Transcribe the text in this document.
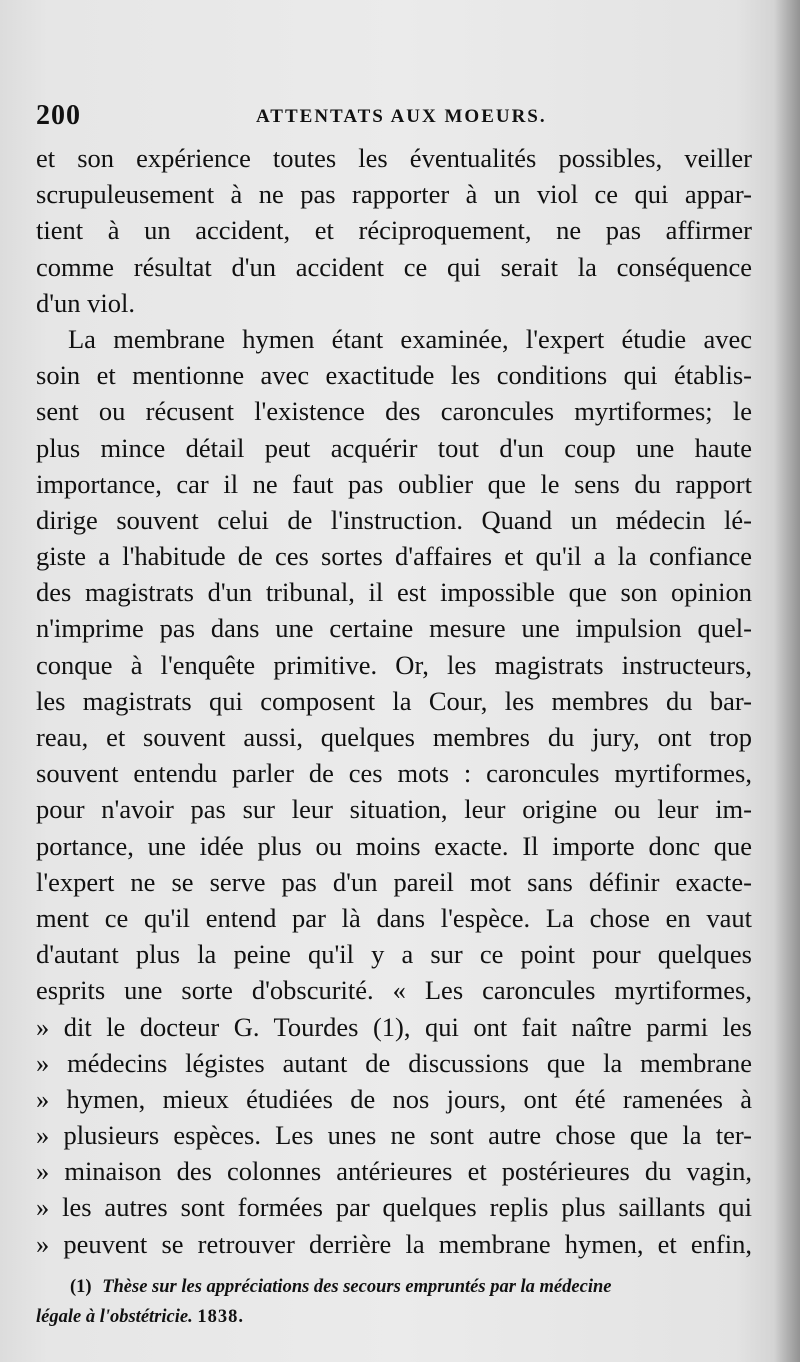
200	ATTENTATS AUX MOEURS.
et son expérience toutes les éventualités possibles, veiller
scrupuleusement à ne pas rapporter à un viol ce qui appar-
tient à un accident, et réciproquement, ne pas affirmer
comme résultat d'un accident ce qui serait la conséquence
d'un viol.
La membrane hymen étant examinée, l'expert étudie avec
soin et mentionne avec exactitude les conditions qui établis-
sent ou récusent l'existence des caroncules myrtiformes; le
plus mince détail peut acquérir tout d'un coup une haute
importance, car il ne faut pas oublier que le sens du rapport
dirige souvent celui de l'instruction. Quand un médecin lé-
giste a l'habitude de ces sortes d'affaires et qu'il a la confiance
des magistrats d'un tribunal, il est impossible que son opinion
n'imprime pas dans une certaine mesure une impulsion quel-
conque à l'enquête primitive. Or, les magistrats instructeurs,
les magistrats qui composent la Cour, les membres du bar-
reau, et souvent aussi, quelques membres du jury, ont trop
souvent entendu parler de ces mots : caroncules myrtiformes,
pour n'avoir pas sur leur situation, leur origine ou leur im-
portance, une idée plus ou moins exacte. Il importe donc que
l'expert ne se serve pas d'un pareil mot sans définir exacte-
ment ce qu'il entend par là dans l'espèce. La chose en vaut
d'autant plus la peine qu'il y a sur ce point pour quelques
esprits une sorte d'obscurité. « Les caroncules myrtiformes,
» dit le docteur G. Tourdes (1), qui ont fait naître parmi les
» médecins légistes autant de discussions que la membrane
» hymen, mieux étudiées de nos jours, ont été ramenées à
» plusieurs espèces. Les unes ne sont autre chose que la ter-
» minaison des colonnes antérieures et postérieures du vagin,
» les autres sont formées par quelques replis plus saillants qui
» peuvent se retrouver derrière la membrane hymen, et enfin,
(1) Thèse sur les appréciations des secours empruntés par la médecine
légale à l'obstétricie. 1838.
